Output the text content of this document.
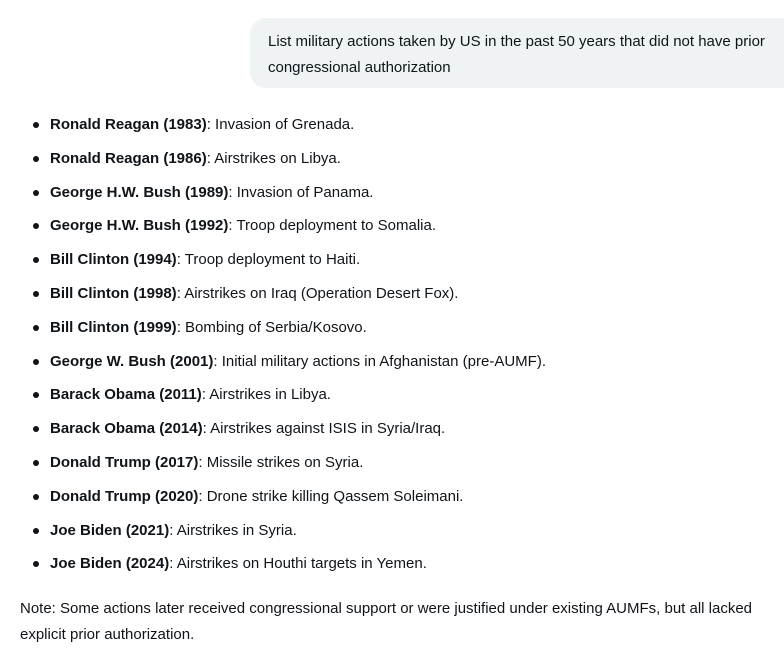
List military actions taken by US in the past 50 years that did not have prior congressional authorization
Ronald Reagan (1983): Invasion of Grenada.
Ronald Reagan (1986): Airstrikes on Libya.
George H.W. Bush (1989): Invasion of Panama.
George H.W. Bush (1992): Troop deployment to Somalia.
Bill Clinton (1994): Troop deployment to Haiti.
Bill Clinton (1998): Airstrikes on Iraq (Operation Desert Fox).
Bill Clinton (1999): Bombing of Serbia/Kosovo.
George W. Bush (2001): Initial military actions in Afghanistan (pre-AUMF).
Barack Obama (2011): Airstrikes in Libya.
Barack Obama (2014): Airstrikes against ISIS in Syria/Iraq.
Donald Trump (2017): Missile strikes on Syria.
Donald Trump (2020): Drone strike killing Qassem Soleimani.
Joe Biden (2021): Airstrikes in Syria.
Joe Biden (2024): Airstrikes on Houthi targets in Yemen.
Note: Some actions later received congressional support or were justified under existing AUMFs, but all lacked explicit prior authorization.
